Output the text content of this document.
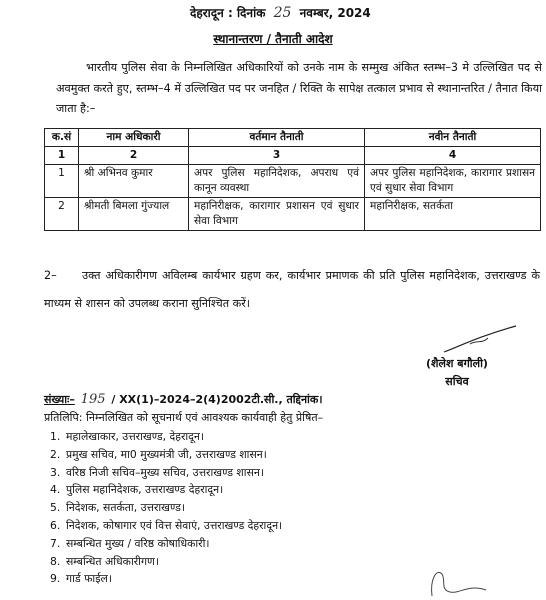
देहरादून : दिनांक 25 नवम्बर, 2024
स्थानान्तरण / तैनाती आदेश
भारतीय पुलिस सेवा के निम्नलिखित अधिकारियों को उनके नाम के सम्मुख अंकित स्तम्भ–3 मे उल्लिखित पद से अवमुक्त करते हुए, स्तम्भ–4 में उल्लिखित पद पर जनहित / रिक्ति के सापेक्ष तत्काल प्रभाव से स्थानान्तरित / तैनात किया जाता है:–
क.सं	नाम अधिकारी	वर्तमान तैनाती	नवीन तैनाती
1	2	3	4
1	श्री अभिनव कुमार	अपर पुलिस महानिदेशक, अपराध एवं कानून व्यवस्था	अपर पुलिस महानिदेशक, कारागार प्रशासन एवं सुधार सेवा विभाग
2	श्रीमती बिमला गुंज्याल	महानिरीक्षक, कारागार प्रशासन एवं सुधार सेवा विभाग	महानिरीक्षक, सतर्कता
2– उक्त अधिकारीगण अविलम्ब कार्यभार ग्रहण कर, कार्यभार प्रमाणक की प्रति पुलिस महानिदेशक, उत्तराखण्ड के माध्यम से शासन को उपलब्ध कराना सुनिश्चित करें।
(शैलेश बगौली)
सचिव
संख्याः– 195 / XX(1)–2024–2(4)2002टी.सी., तद्दिनांक।
प्रतिलिपि: निम्नलिखित को सूचनार्थ एवं आवश्यक कार्यवाही हेतु प्रेषित–
1. महालेखाकार, उत्तराखण्ड, देहरादून।
2. प्रमुख सचिव, मा0 मुख्यमंत्री जी, उत्तराखण्ड शासन।
3. वरिष्ठ निजी सचिव–मुख्य सचिव, उत्तराखण्ड शासन।
4. पुलिस महानिदेशक, उत्तराखण्ड देहरादून।
5. निदेशक, सतर्कता, उत्तराखण्ड।
6. निदेशक, कोषागार एवं वित्त सेवाएं, उत्तराखण्ड देहरादून।
7. सम्बन्धित मुख्य / वरिष्ठ कोषाधिकारी।
8. सम्बन्धित अधिकारीगण।
9. गार्ड फाईल।
